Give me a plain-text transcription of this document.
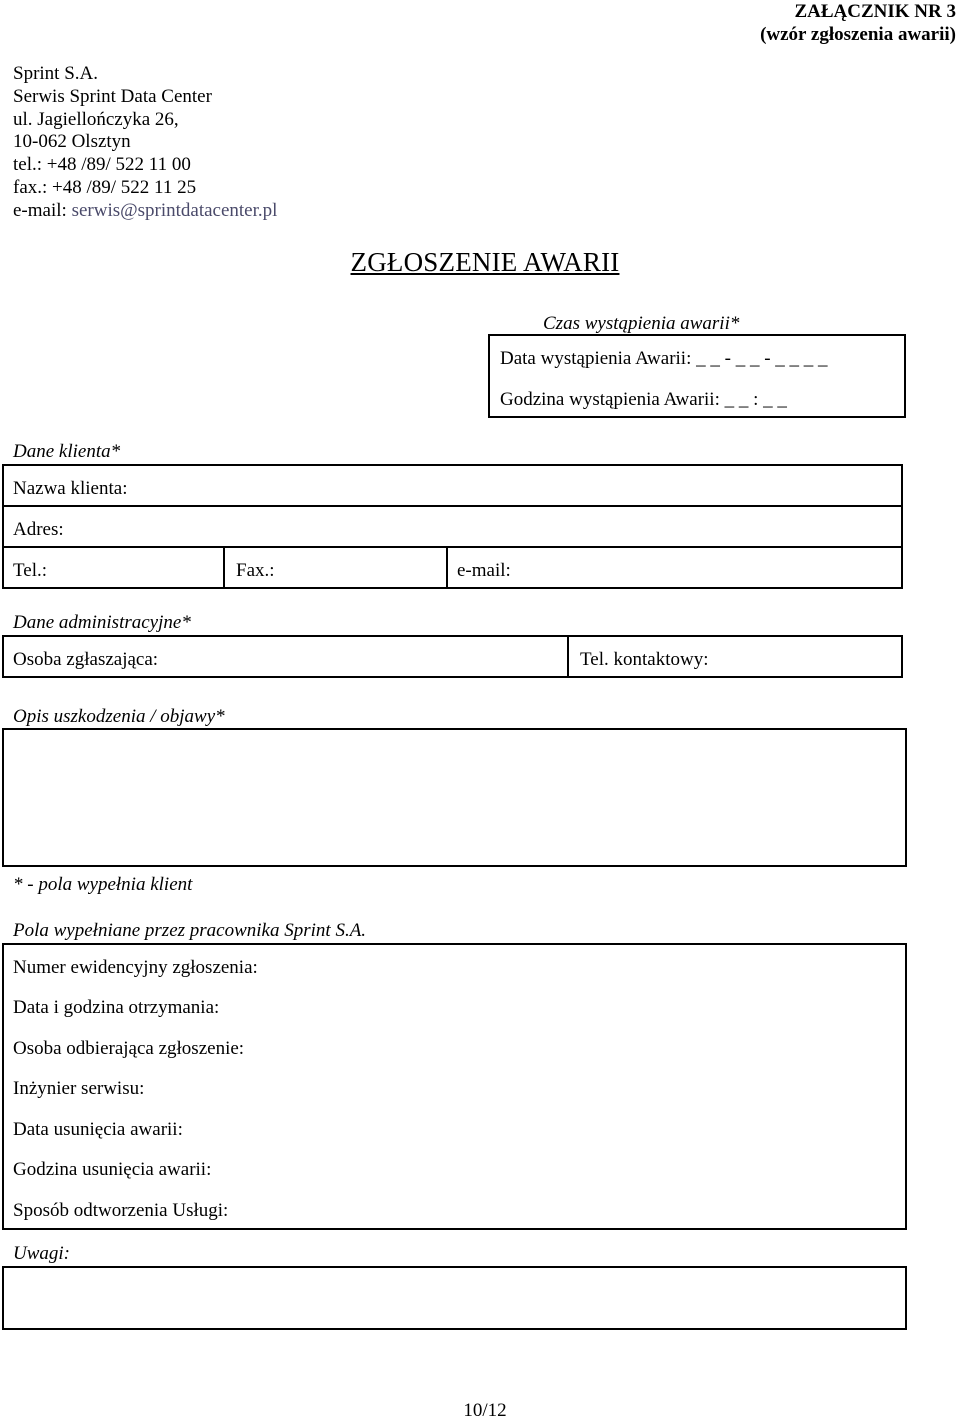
ZAŁĄCZNIK NR 3
(wzór zgłoszenia awarii)
Sprint S.A.
Serwis Sprint Data Center
ul. Jagiellończyka 26,
10-062 Olsztyn
tel.: +48 /89/ 522 11 00
fax.: +48 /89/ 522 11 25
e-mail: serwis@sprintdatacenter.pl
ZGŁOSZENIE AWARII
Czas wystąpienia awarii*
Data wystąpienia Awarii: _ _ - _ _ - _ _ _ _
Godzina wystąpienia Awarii: _ _ : _ _
Dane klienta*
Nazwa klienta:
Adres:
Tel.:	Fax.:	e-mail:
Dane administracyjne*
Osoba zgłaszająca:	Tel. kontaktowy:
Opis uszkodzenia / objawy*
* - pola wypełnia klient
Pola wypełniane przez pracownika Sprint S.A.
Numer ewidencyjny zgłoszenia:
Data i godzina otrzymania:
Osoba odbierająca zgłoszenie:
Inżynier serwisu:
Data usunięcia awarii:
Godzina usunięcia awarii:
Sposób odtworzenia Usługi:
Uwagi:
10/12
